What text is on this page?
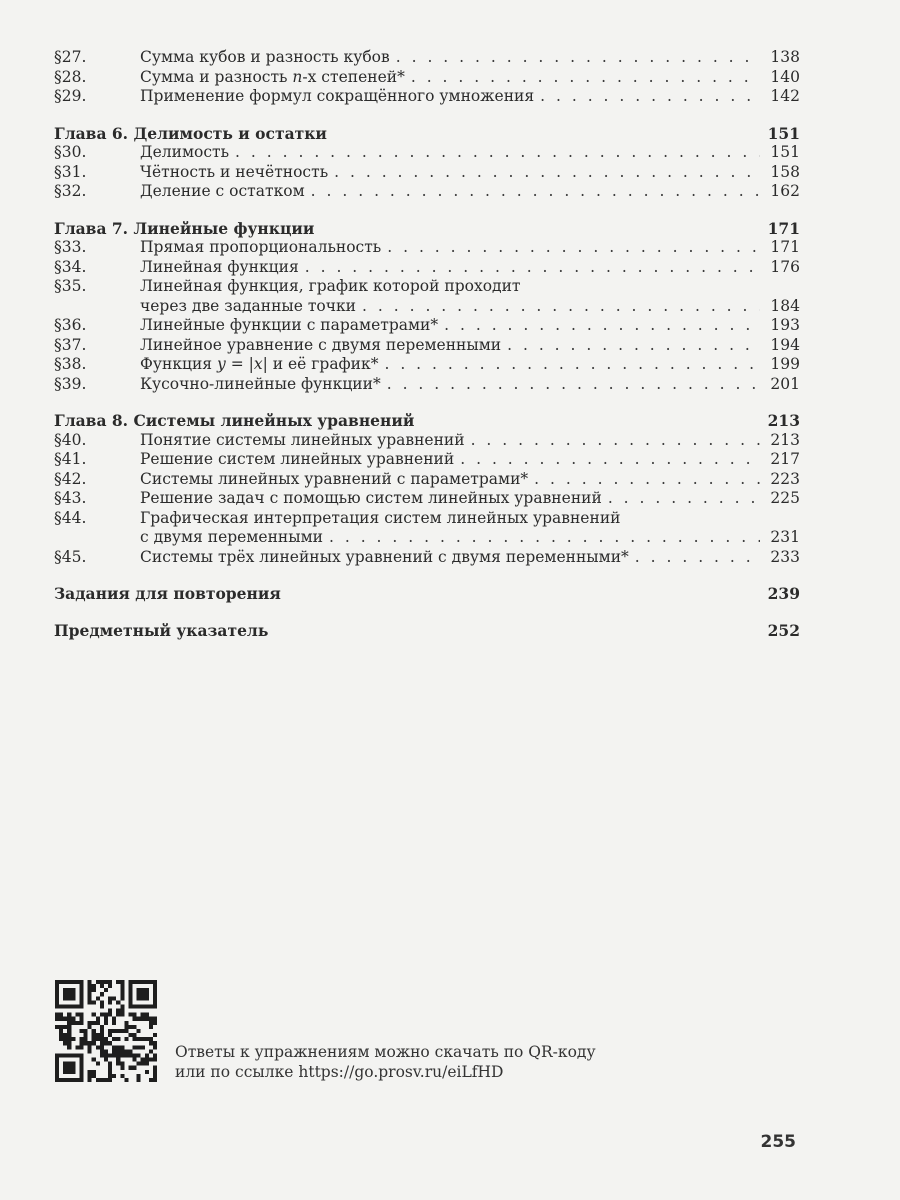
§27.	Сумма кубов и разность кубов . . .	138
§28.	Сумма и разность n-х степеней* . . .	140
§29.	Применение формул сокращённого умножения . . .	142
Глава 6. Делимость и остатки	151
§30.	Делимость . . .	151
§31.	Чётность и нечётность . . .	158
§32.	Деление с остатком . . .	162
Глава 7. Линейные функции	171
§33.	Прямая пропорциональность . . .	171
§34.	Линейная функция . . .	176
§35.	Линейная функция, график которой проходит
через две заданные точки . . .	184
§36.	Линейные функции с параметрами* . . .	193
§37.	Линейное уравнение с двумя переменными . . .	194
§38.	Функция y = |x| и её график* . . .	199
§39.	Кусочно-линейные функции* . . .	201
Глава 8. Системы линейных уравнений	213
§40.	Понятие системы линейных уравнений . . .	213
§41.	Решение систем линейных уравнений . . .	217
§42.	Системы линейных уравнений с параметрами* . . .	223
§43.	Решение задач с помощью систем линейных уравнений . . .	225
§44.	Графическая интерпретация систем линейных уравнений
с двумя переменными . . .	231
§45.	Системы трёх линейных уравнений с двумя переменными* . . .	233
Задания для повторения	239
Предметный указатель	252
Ответы к упражнениям можно скачать по QR-коду
или по ссылке https://go.prosv.ru/eiLfHD
255
